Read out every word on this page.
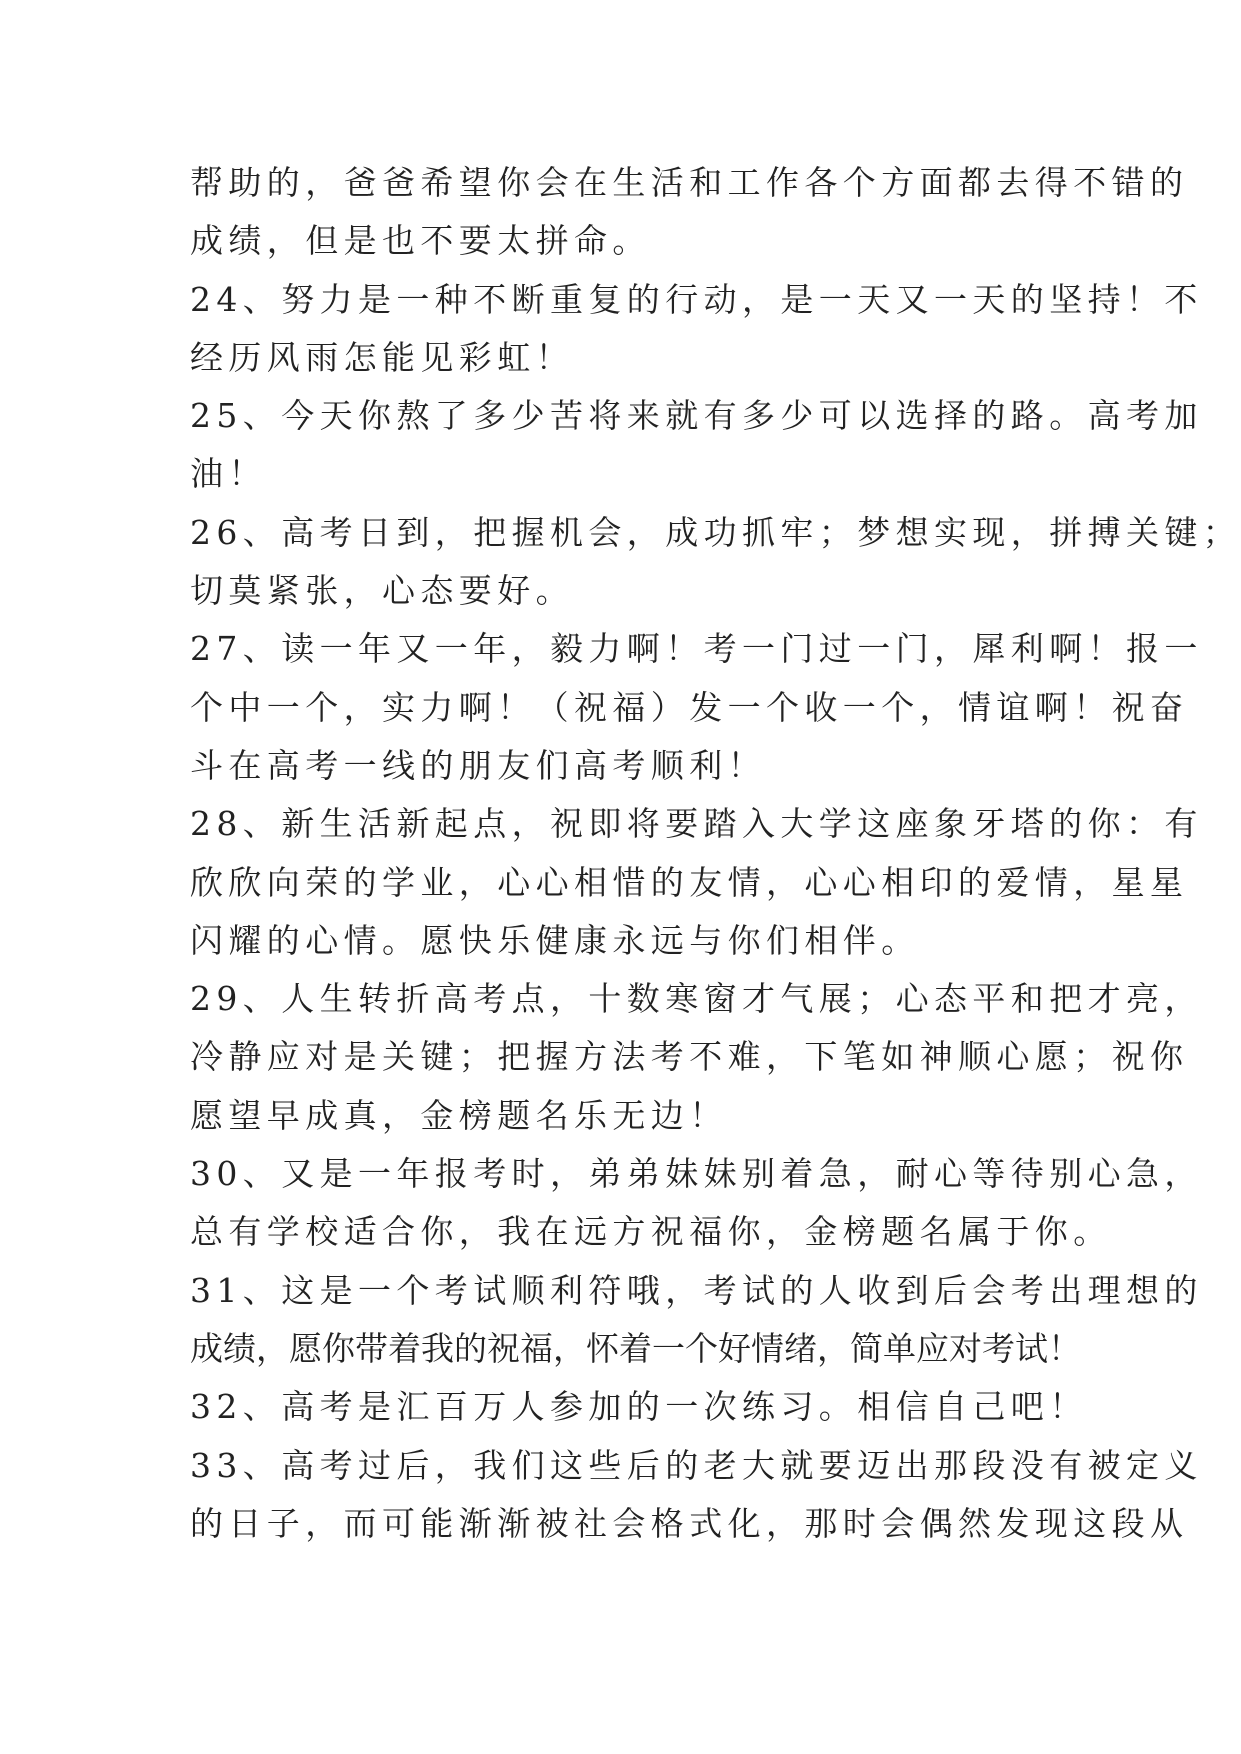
帮助的，爸爸希望你会在生活和工作各个方面都去得不错的
成绩，但是也不要太拼命。
24、努力是一种不断重复的行动，是一天又一天的坚持！不
经历风雨怎能见彩虹！
25、今天你熬了多少苦将来就有多少可以选择的路。高考加
油！
26、高考日到，把握机会，成功抓牢；梦想实现，拼搏关键；
切莫紧张，心态要好。
27、读一年又一年，毅力啊！考一门过一门，犀利啊！报一
个中一个，实力啊！（祝福）发一个收一个，情谊啊！祝奋
斗在高考一线的朋友们高考顺利！
28、新生活新起点，祝即将要踏入大学这座象牙塔的你：有
欣欣向荣的学业，心心相惜的友情，心心相印的爱情，星星
闪耀的心情。愿快乐健康永远与你们相伴。
29、人生转折高考点，十数寒窗才气展；心态平和把才亮，
冷静应对是关键；把握方法考不难，下笔如神顺心愿；祝你
愿望早成真，金榜题名乐无边！
30、又是一年报考时，弟弟妹妹别着急，耐心等待别心急，
总有学校适合你，我在远方祝福你，金榜题名属于你。
31、这是一个考试顺利符哦，考试的人收到后会考出理想的
成绩，愿你带着我的祝福，怀着一个好情绪，简单应对考试！
32、高考是汇百万人参加的一次练习。相信自己吧！
33、高考过后，我们这些后的老大就要迈出那段没有被定义
的日子，而可能渐渐被社会格式化，那时会偶然发现这段从
